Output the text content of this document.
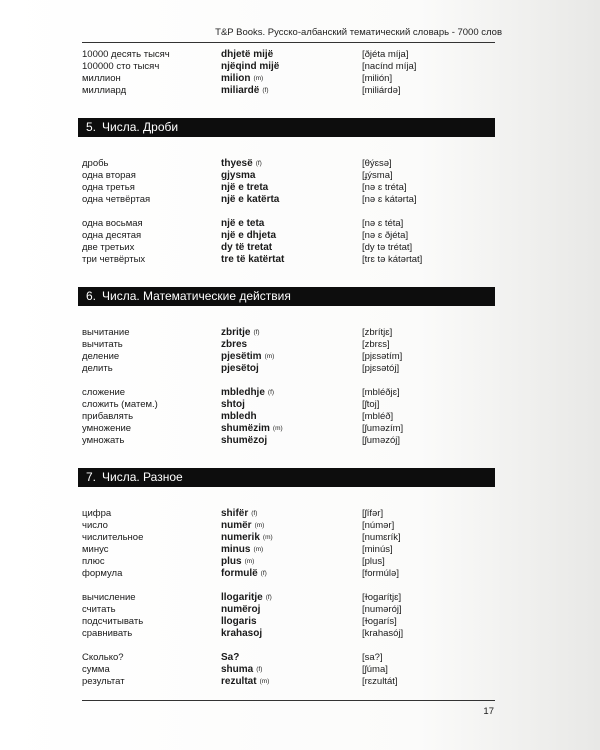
T&P Books. Русско-албанский тематический словарь - 7000 слов
10000 десять тысяч	dhjetë mijë	[ðjéta míja]
100000 сто тысяч	njëqind mijë	[nacínd míja]
миллион	milion (m)	[milión]
миллиард	miliardë (f)	[miliárdə]
5. Числа. Дроби
дробь	thyesë (f)	[θýɛsə]
одна вторая	gjysma	[ɟýsma]
одна третья	një e treta	[nə ɛ tréta]
одна четвёртая	një e katërta	[nə ɛ kátərta]
одна восьмая	një e teta	[nə ɛ téta]
одна десятая	një e dhjeta	[nə ɛ ðjéta]
две третьих	dy të tretat	[dy tə trétat]
три четвёртых	tre të katërtat	[trɛ tə kátərtat]
6. Числа. Математические действия
вычитание	zbritje (f)	[zbrítjɛ]
вычитать	zbres	[zbrɛs]
деление	pjesëtim (m)	[pjɛsətím]
делить	pjesëtoj	[pjɛsətój]
сложение	mbledhje (f)	[mbléðjɛ]
сложить (матем.)	shtoj	[ʃtoj]
прибавлять	mbledh	[mbléð]
умножение	shumëzim (m)	[ʃuməzím]
умножать	shumëzoj	[ʃuməzój]
7. Числа. Разное
цифра	shifër (f)	[ʃífər]
число	numër (m)	[númər]
числительное	numerik (m)	[numɛrík]
минус	minus (m)	[minús]
плюс	plus (m)	[plus]
формула	formulë (f)	[formúlə]
вычисление	llogaritje (f)	[ɫogarítjɛ]
считать	numëroj	[numərój]
подсчитывать	llogaris	[ɫogarís]
сравнивать	krahasoj	[krahasój]
Сколько?	Sa?	[sa?]
сумма	shuma (f)	[ʃúma]
результат	rezultat (m)	[rɛzultát]
17
